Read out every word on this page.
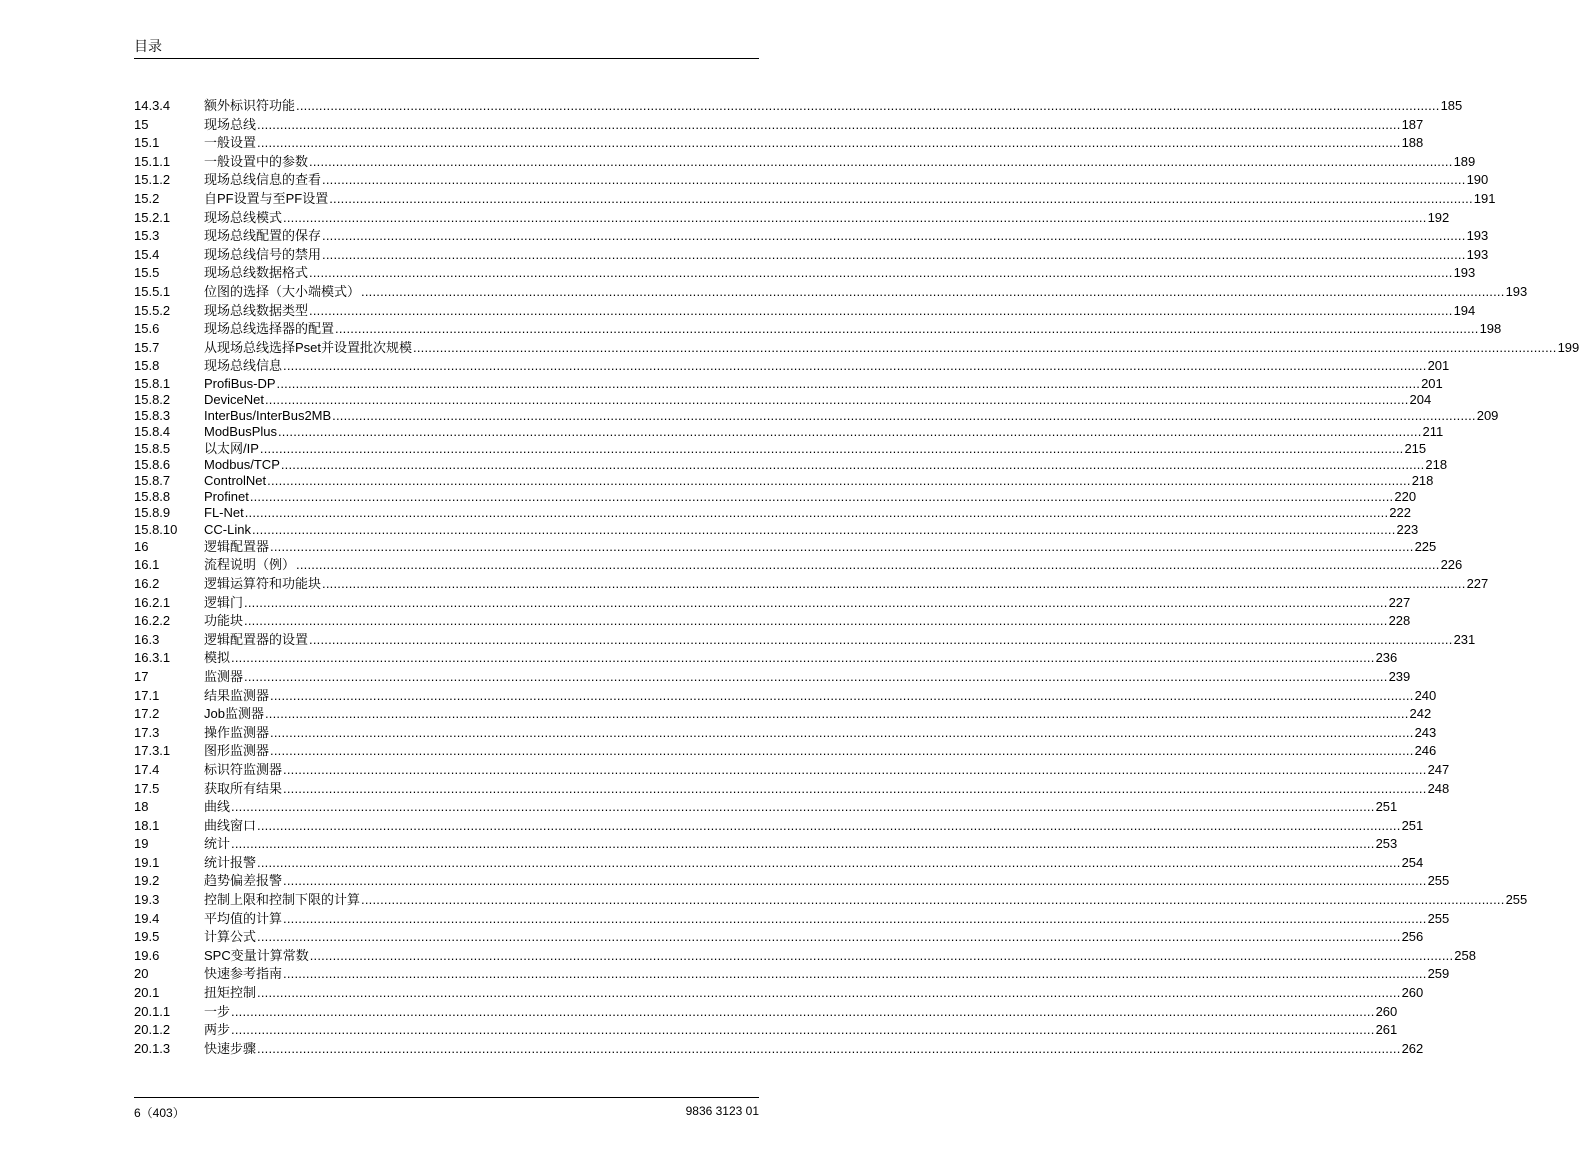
目录
14.3.4	额外标识符功能 ............................................................................................................................................................................................................................................................................................................ 185
15	现场总线 ............................................................................................................................................................................................................................................................................................................ 187
15.1	一般设置 ............................................................................................................................................................................................................................................................................................................ 188
15.1.1	一般设置中的参数 ............................................................................................................................................................................................................................................................................................................ 189
15.1.2	现场总线信息的查看 ............................................................................................................................................................................................................................................................................................................ 190
15.2	自PF设置与至PF设置 ............................................................................................................................................................................................................................................................................................................ 191
15.2.1	现场总线模式 ............................................................................................................................................................................................................................................................................................................ 192
15.3	现场总线配置的保存 ............................................................................................................................................................................................................................................................................................................ 193
15.4	现场总线信号的禁用 ............................................................................................................................................................................................................................................................................................................ 193
15.5	现场总线数据格式 ............................................................................................................................................................................................................................................................................................................ 193
15.5.1	位图的选择（大小端模式） ............................................................................................................................................................................................................................................................................................................ 193
15.5.2	现场总线数据类型 ............................................................................................................................................................................................................................................................................................................ 194
15.6	现场总线选择器的配置 ............................................................................................................................................................................................................................................................................................................ 198
15.7	从现场总线选择Pset并设置批次规模 ............................................................................................................................................................................................................................................................................................................ 199
15.8	现场总线信息 ............................................................................................................................................................................................................................................................................................................ 201
15.8.1	ProfiBus-DP ............................................................................................................................................................................................................................................................................................................ 201
15.8.2	DeviceNet ............................................................................................................................................................................................................................................................................................................ 204
15.8.3	InterBus/InterBus2MB ............................................................................................................................................................................................................................................................................................................ 209
15.8.4	ModBusPlus ............................................................................................................................................................................................................................................................................................................ 211
15.8.5	以太网/IP ............................................................................................................................................................................................................................................................................................................ 215
15.8.6	Modbus/TCP ............................................................................................................................................................................................................................................................................................................ 218
15.8.7	ControlNet ............................................................................................................................................................................................................................................................................................................ 218
15.8.8	Profinet ............................................................................................................................................................................................................................................................................................................ 220
15.8.9	FL-Net ............................................................................................................................................................................................................................................................................................................ 222
15.8.10 CC-Link ............................................................................................................................................................................................................................................................................................................ 223
16	逻辑配置器 ............................................................................................................................................................................................................................................................................................................ 225
16.1	流程说明（例） ............................................................................................................................................................................................................................................................................................................ 226
16.2	逻辑运算符和功能块 ............................................................................................................................................................................................................................................................................................................ 227
16.2.1	逻辑门 ............................................................................................................................................................................................................................................................................................................ 227
16.2.2	功能块 ............................................................................................................................................................................................................................................................................................................ 228
16.3	逻辑配置器的设置 ............................................................................................................................................................................................................................................................................................................ 231
16.3.1	模拟 ............................................................................................................................................................................................................................................................................................................ 236
17	监测器 ............................................................................................................................................................................................................................................................................................................ 239
17.1	结果监测器 ............................................................................................................................................................................................................................................................................................................ 240
17.2	Job监测器 ............................................................................................................................................................................................................................................................................................................ 242
17.3	操作监测器 ............................................................................................................................................................................................................................................................................................................ 243
17.3.1	图形监测器 ............................................................................................................................................................................................................................................................................................................ 246
17.4	标识符监测器 ............................................................................................................................................................................................................................................................................................................ 247
17.5	获取所有结果 ............................................................................................................................................................................................................................................................................................................ 248
18	曲线 ............................................................................................................................................................................................................................................................................................................ 251
18.1	曲线窗口 ............................................................................................................................................................................................................................................................................................................ 251
19	统计 ............................................................................................................................................................................................................................................................................................................ 253
19.1	统计报警 ............................................................................................................................................................................................................................................................................................................ 254
19.2	趋势偏差报警 ............................................................................................................................................................................................................................................................................................................ 255
19.3	控制上限和控制下限的计算 ............................................................................................................................................................................................................................................................................................................ 255
19.4	平均值的计算 ............................................................................................................................................................................................................................................................................................................ 255
19.5	计算公式 ............................................................................................................................................................................................................................................................................................................ 256
19.6	SPC变量计算常数 ............................................................................................................................................................................................................................................................................................................ 258
20	快速参考指南 ............................................................................................................................................................................................................................................................................................................ 259
20.1	扭矩控制 ............................................................................................................................................................................................................................................................................................................ 260
20.1.1	一步 ............................................................................................................................................................................................................................................................................................................ 260
20.1.2	两步 ............................................................................................................................................................................................................................................................................................................ 261
20.1.3	快速步骤 ............................................................................................................................................................................................................................................................................................................ 262
6（403）	9836 3123 01
